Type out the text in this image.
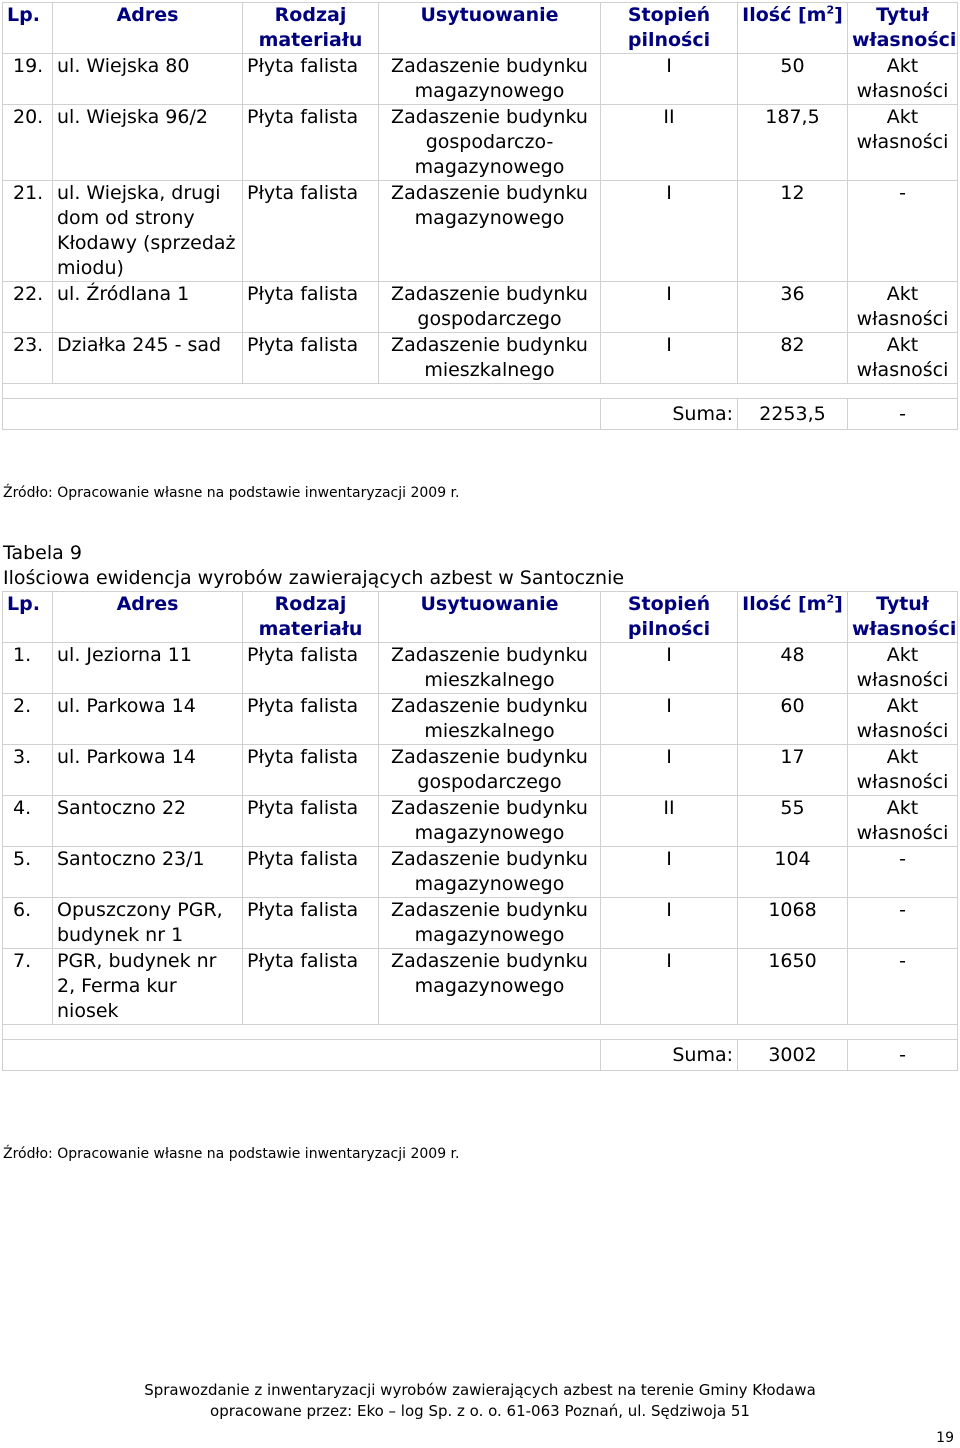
Lp.	Adres	Rodzaj materiału	Usytuowanie	Stopień pilności	Ilość $[m^2]$	Tytuł własności
19.	ul. Wiejska 80	Płyta falista	Zadaszenie budynku magazynowego	I	50	Akt własności
20.	ul. Wiejska 96/2	Płyta falista	Zadaszenie budynku gospodarczo-magazynowego	II	187,5	Akt własności
21.	ul. Wiejska, drugi dom od strony Kłodawy (sprzedaż miodu)	Płyta falista	Zadaszenie budynku magazynowego	I	12	-
22.	ul. Źródlana 1	Płyta falista	Zadaszenie budynku gospodarczego	I	36	Akt własności
23.	Działka 245 - sad	Płyta falista	Zadaszenie budynku mieszkalnego	I	82	Akt własności

				Suma:	2253,5	-
Źródło: Opracowanie własne na podstawie inwentaryzacji 2009 r.
Tabela 9
Ilościowa ewidencja wyrobów zawierających azbest w Santocznie
Lp.	Adres	Rodzaj materiału	Usytuowanie	Stopień pilności	Ilość $[m^2]$	Tytuł własności
1.	ul. Jeziorna 11	Płyta falista	Zadaszenie budynku mieszkalnego	I	48	Akt własności
2.	ul. Parkowa 14	Płyta falista	Zadaszenie budynku mieszkalnego	I	60	Akt własności
3.	ul. Parkowa 14	Płyta falista	Zadaszenie budynku gospodarczego	I	17	Akt własności
4.	Santoczno 22	Płyta falista	Zadaszenie budynku magazynowego	II	55	Akt własności
5.	Santoczno 23/1	Płyta falista	Zadaszenie budynku magazynowego	I	104	-
6.	Opuszczony PGR, budynek nr 1	Płyta falista	Zadaszenie budynku magazynowego	I	1068	-
7.	PGR, budynek nr 2, Ferma kur niosek	Płyta falista	Zadaszenie budynku magazynowego	I	1650	-

				Suma:	3002	-
Źródło: Opracowanie własne na podstawie inwentaryzacji 2009 r.
Sprawozdanie z inwentaryzacji wyrobów zawierających azbest na terenie Gminy Kłodawa
opracowane przez: Eko – log Sp. z o. o. 61-063 Poznań, ul. Sędziwoja 51
19
